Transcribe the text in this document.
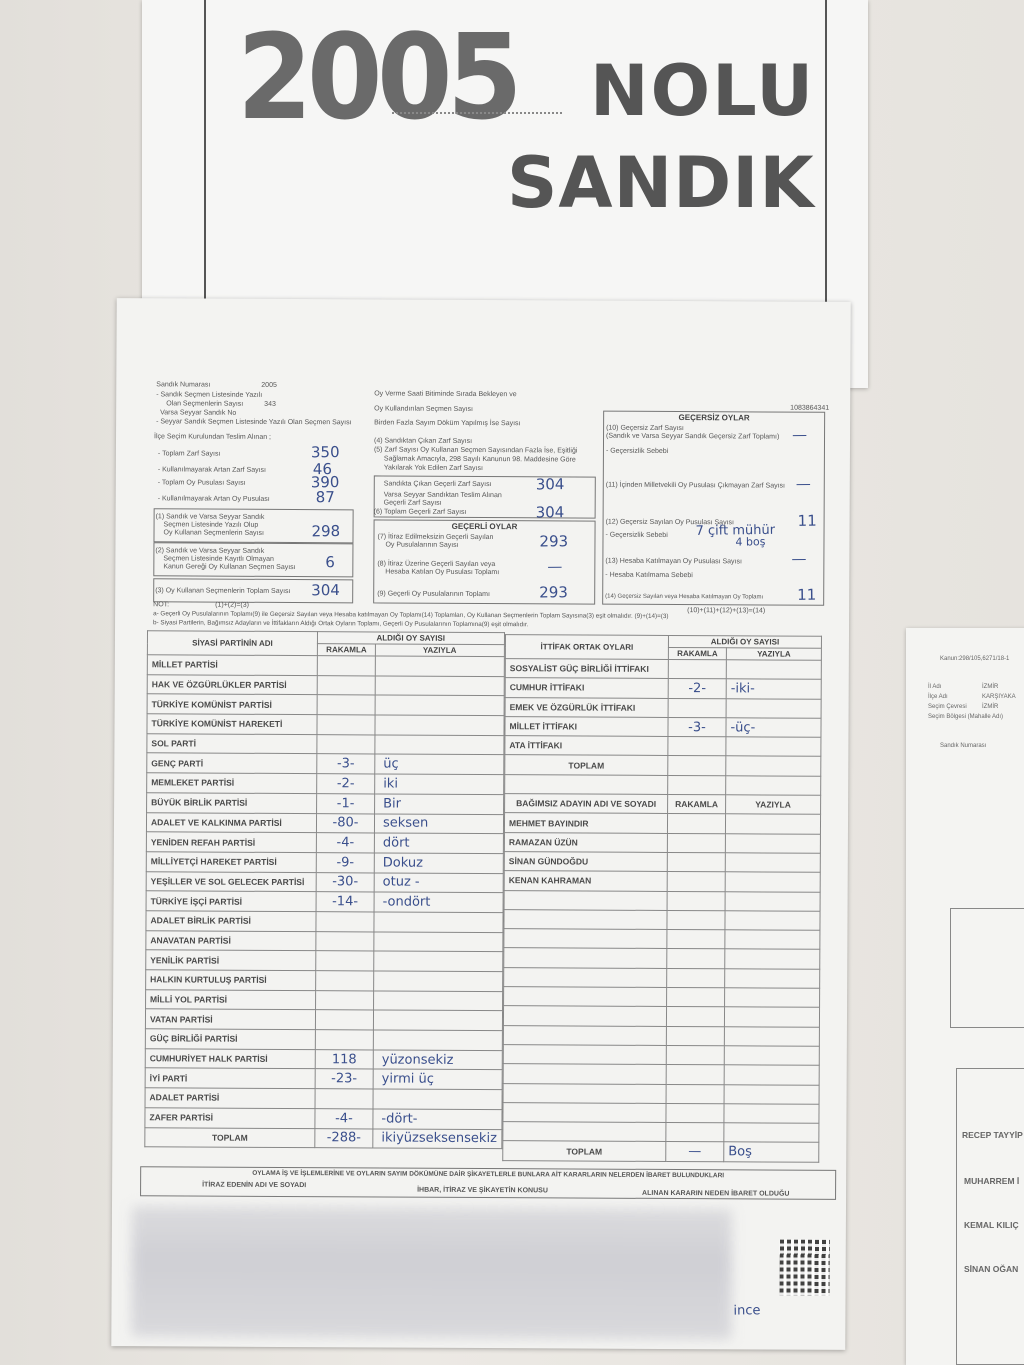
2005 NOLU
SANDIK
Sandık Numarası	2005
- Sandık Seçmen Listesinde Yazılı
Olan Seçmenlerin Sayısı	343
Varsa Seyyar Sandık No
- Seyyar Sandık Seçmen Listesinde Yazılı Olan Seçmen Sayısı
İlçe Seçim Kurulundan Teslim Alınan ;
- Toplam Zarf Sayısı	350
- Kullanılmayarak Artan Zarf Sayısı	46
- Toplam Oy Pusulası Sayısı	390
- Kullanılmayarak Artan Oy Pusulası	87
(1) Sandık ve Varsa Seyyar Sandık
Seçmen Listesinde Yazılı Olup
Oy Kullanan Seçmenlerin Sayısı	298
(2) Sandık ve Varsa Seyyar Sandık
Seçmen Listesinde Kayıtlı Olmayan
Kanun Gereği Oy Kullanan Seçmen Sayısı 6
(3) Oy Kullanan Seçmenlerin Toplam Sayısı 304
(1)+(2)=(3)
Oy Verme Saati Bitiminde Sırada Bekleyen ve
Oy Kullandırılan Seçmen Sayısı
Birden Fazla Sayım Döküm Yapılmış İse Sayısı
(4) Sandıktan Çıkan Zarf Sayısı
(5) Zarf Sayısı Oy Kullanan Seçmen Sayısından Fazla İse, Eşitliği
Sağlamak Amacıyla, 298 Sayılı Kanunun 98. Maddesine Göre
Yakılarak Yok Edilen Zarf Sayısı
Sandıkta Çıkan Geçerli Zarf Sayısı	304
Varsa Seyyar Sandıktan Teslim Alınan
Geçerli Zarf Sayısı
(6) Toplam Geçerli Zarf Sayısı	304
GEÇERLİ OYLAR
(7) İtiraz Edilmeksizin Geçerli Sayılan
Oy Pusulalarının Sayısı	293
(8) İtiraz Üzerine Geçerli Sayılan veya
Hesaba Katılan Oy Pusulası Toplamı	—
(9) Geçerli Oy Pusulalarının Toplamı	293
1083864341
GEÇERSİZ OYLAR
(10) Geçersiz Zarf Sayısı
(Sandık ve Varsa Seyyar Sandık Geçersiz Zarf Toplamı) —
- Geçersizlik Sebebi
(11) İçinden Milletvekili Oy Pusulası Çıkmayan Zarf Sayısı —
(12) Geçersiz Sayılan Oy Pusulası Sayısı	11
- Geçersizlik Sebebi 7 çift mühür
4 boş
(13) Hesaba Katılmayan Oy Pusulası Sayısı	—
- Hesaba Katılmama Sebebi
(14) Geçersiz Sayılan veya Hesaba Katılmayan Oy Toplamı 11
(10)+(11)+(12)+(13)=(14)
NOT:
a- Geçerli Oy Pusulalarının Toplamı(9) ile Geçersiz Sayılan veya Hesaba katılmayan Oy Toplamı(14) Toplamları, Oy Kullanan Seçmenlerin Toplam Sayısına(3) eşit olmalıdır. (9)+(14)=(3)
b- Siyasi Partilerin, Bağımsız Adayların ve İttifakların Aldığı Ortak Oyların Toplamı, Geçerli Oy Pusulalarının Toplamına(9) eşit olmalıdır.
SİYASİ PARTİNİN ADI	ALDIĞI OY SAYISI	
	RAKAMLA	YAZIYLA
MİLLET PARTİSİ		
HAK VE ÖZGÜRLÜKLER PARTİSİ		
TÜRKİYE KOMÜNİST PARTİSİ		
TÜRKİYE KOMÜNİST HAREKETİ		
SOL PARTİ		
GENÇ PARTİ	-3-	üç
MEMLEKET PARTİSİ	-2-	iki
BÜYÜK BİRLİK PARTİSİ	-1-	Bir
ADALET VE KALKINMA PARTİSİ	-80-	seksen
YENİDEN REFAH PARTİSİ	-4-	dört
MİLLİYETÇİ HAREKET PARTİSİ	-9-	Dokuz
YEŞİLLER VE SOL GELECEK PARTİSİ	-30-	otuz -
TÜRKİYE İŞÇİ PARTİSİ	-14-	-ondört
ADALET BİRLİK PARTİSİ		
ANAVATAN PARTİSİ		
YENİLİK PARTİSİ		
HALKIN KURTULUŞ PARTİSİ		
MİLLİ YOL PARTİSİ		
VATAN PARTİSİ		
GÜÇ BİRLİĞİ PARTİSİ		
CUMHURİYET HALK PARTİSİ	118	yüzonsekiz
İYİ PARTİ	-23-	yirmi üç
ADALET PARTİSİ		
ZAFER PARTİSİ	-4-	-dört-
TOPLAM	-288-	ikiyüzseksensekiz
İTTİFAK ORTAK OYLARI	ALDIĞI OY SAYISI	
	RAKAMLA	YAZIYLA
SOSYALİST GÜÇ BİRLİĞİ İTTİFAKI		
CUMHUR İTTİFAKI	-2-	-iki-
EMEK VE ÖZGÜRLÜK İTTİFAKI		
MİLLET İTTİFAKI	-3-	-üç-
ATA İTTİFAKI		
TOPLAM		

BAĞIMSIZ ADAYIN ADI VE SOYADI	RAKAMLA	YAZIYLA
MEHMET BAYINDIR		
RAMAZAN ÜZÜN		
SİNAN GÜNDOĞDU		
KENAN KAHRAMAN		

TOPLAM	—	Boş
OYLAMA İŞ VE İŞLEMLERİNE VE OYLARIN SAYIM DÖKÜMÜNE DAİR ŞİKAYETLERLE BUNLARA AİT KARARLARIN NELERDEN İBARET BULUNDUKLARI
İTİRAZ EDENİN ADI VE SOYADI
İHBAR, İTİRAZ VE ŞİKAYETİN KONUSU	ALINAN KARARIN NEDEN İBARET OLDUĞU
ince
Kanun:298/105,6271/18-1
İl Adı	İZMİR
İlçe Adı	KARŞIYAKA
Seçim Çevresi	İZMİR
Seçim Bölgesi (Mahalle Adı)
Sandık Numarası
RECEP TAYYİP
MUHARREM İ
KEMAL KILIÇ
SİNAN OĞAN
